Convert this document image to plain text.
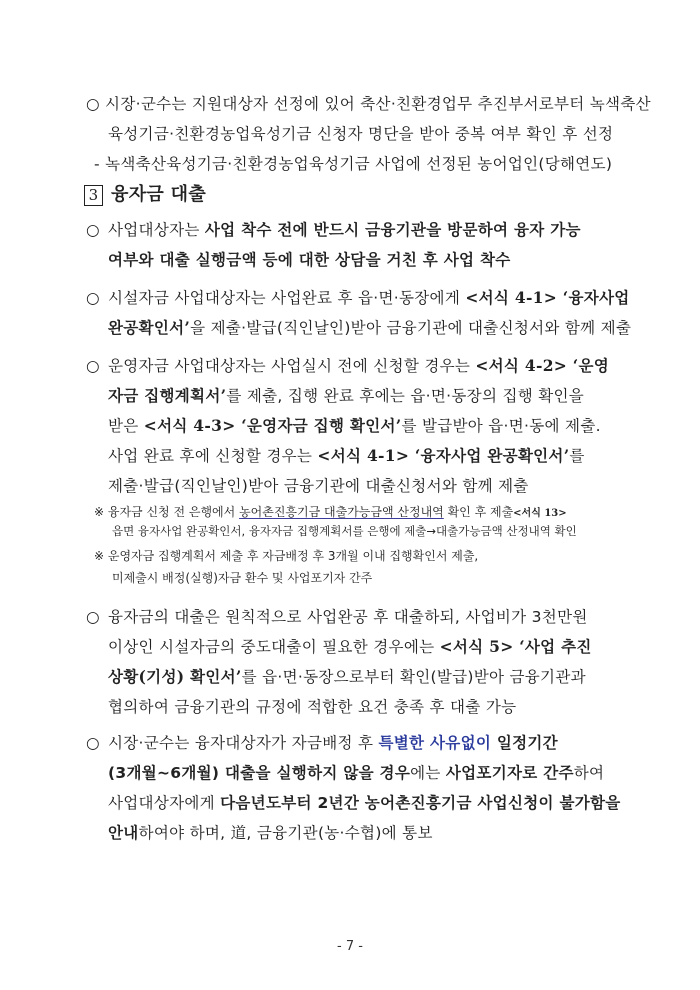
○ 시장·군수는 지원대상자 선정에 있어 축산·친환경업무 추진부서로부터 녹색축산
육성기금·친환경농업육성기금 신청자 명단을 받아 중복 여부 확인 후 선정
- 녹색축산육성기금·친환경농업육성기금 사업에 선정된 농어업인(당해연도)
3 융자금 대출
○ 사업대상자는 사업 착수 전에 반드시 금융기관을 방문하여 융자 가능
여부와 대출 실행금액 등에 대한 상담을 거친 후 사업 착수
○ 시설자금 사업대상자는 사업완료 후 읍·면·동장에게 <서식 4-1> ‘융자사업
완공확인서’을 제출·발급(직인날인)받아 금융기관에 대출신청서와 함께 제출
○ 운영자금 사업대상자는 사업실시 전에 신청할 경우는 <서식 4-2> ‘운영
자금 집행계획서’를 제출, 집행 완료 후에는 읍·면·동장의 집행 확인을
받은 <서식 4-3> ‘운영자금 집행 확인서’를 발급받아 읍·면·동에 제출.
사업 완료 후에 신청할 경우는 <서식 4-1> ‘융자사업 완공확인서’를
제출·발급(직인날인)받아 금융기관에 대출신청서와 함께 제출
※ 융자금 신청 전 은행에서 농어촌진흥기금 대출가능금액 산정내역 확인 후 제출<서식 13>
읍면 융자사업 완공확인서, 융자자금 집행계획서를 은행에 제출→대출가능금액 산정내역 확인
※ 운영자금 집행계획서 제출 후 자금배정 후 3개월 이내 집행확인서 제출,
미제출시 배정(실행)자금 환수 및 사업포기자 간주
○ 융자금의 대출은 원칙적으로 사업완공 후 대출하되, 사업비가 3천만원
이상인 시설자금의 중도대출이 필요한 경우에는 <서식 5> ‘사업 추진
상황(기성) 확인서’를 읍·면·동장으로부터 확인(발급)받아 금융기관과
협의하여 금융기관의 규정에 적합한 요건 충족 후 대출 가능
○ 시장·군수는 융자대상자가 자금배정 후 특별한 사유없이 일정기간
(3개월~6개월) 대출을 실행하지 않을 경우에는 사업포기자로 간주하여
사업대상자에게 다음년도부터 2년간 농어촌진흥기금 사업신청이 불가함을
안내하여야 하며, 道, 금융기관(농·수협)에 통보
- 7 -
